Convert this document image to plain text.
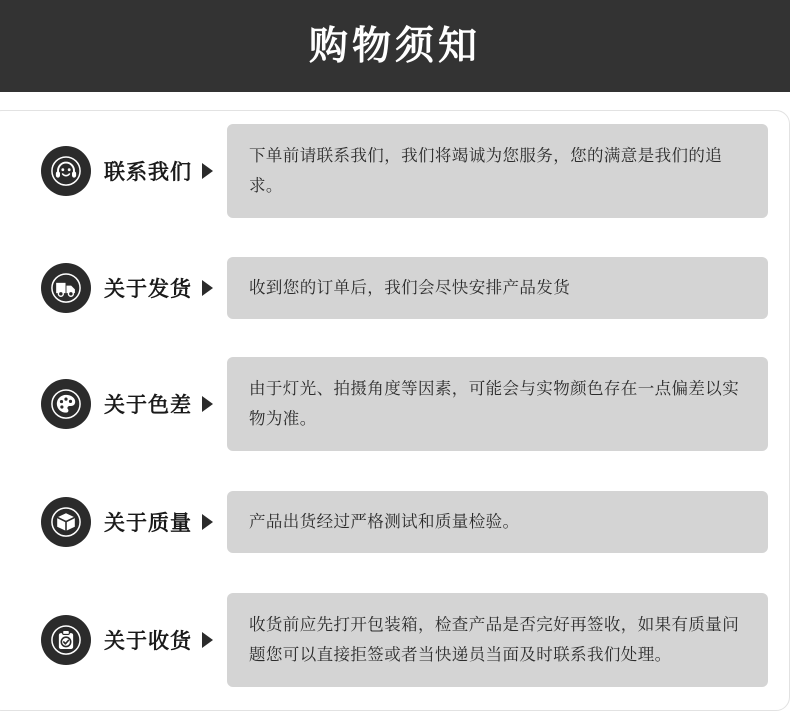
购物须知
联系我们
下单前请联系我们，我们将竭诚为您服务，您的满意是我们的追求。
关于发货	收到您的订单后，我们会尽快安排产品发货
关于色差
由于灯光、拍摄角度等因素，可能会与实物颜色存在一点偏差以实物为准。
关于质量	产品出货经过严格测试和质量检验。
关于收货
收货前应先打开包装箱，检查产品是否完好再签收，如果有质量问题您可以直接拒签或者当快递员当面及时联系我们处理。
